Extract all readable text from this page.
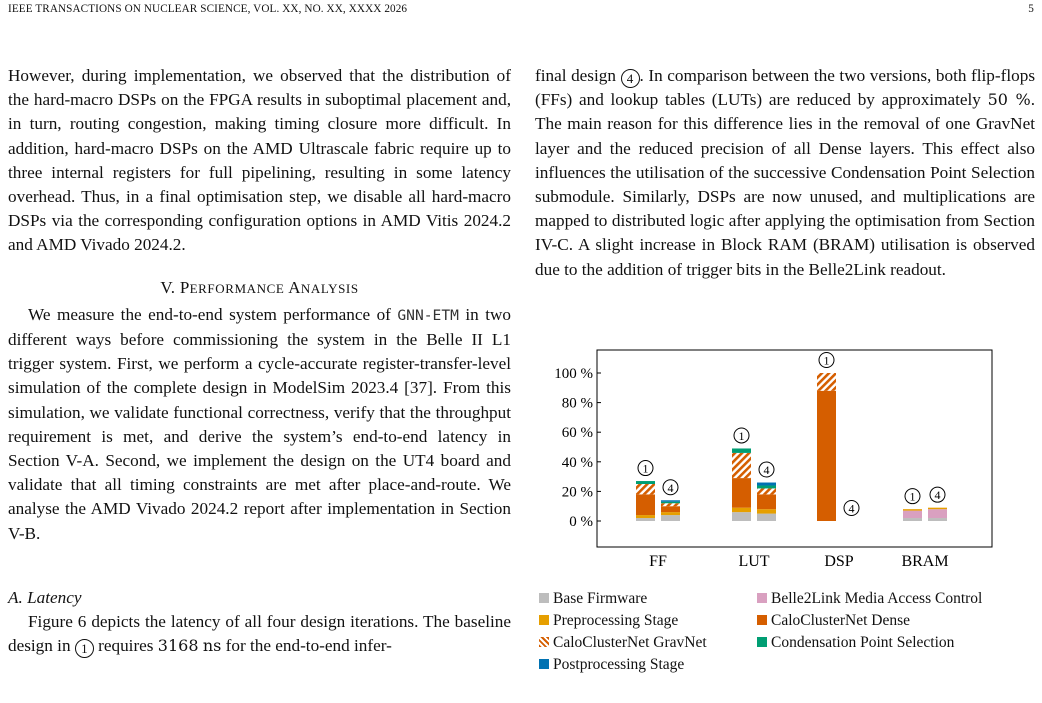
IEEE TRANSACTIONS ON NUCLEAR SCIENCE, VOL. XX, NO. XX, XXXX 2026	5

However, during implementation, we observed that the distribution of the hard-macro DSPs on the FPGA results in suboptimal placement and, in turn, routing congestion, making timing closure more difficult. In addition, hard-macro DSPs on the AMD Ultrascale fabric require up to three internal registers for full pipelining, resulting in some latency overhead. Thus, in a final optimisation step, we disable all hard-macro DSPs via the corresponding configuration options in AMD Vitis 2024.2 and AMD Vivado 2024.2.

V. PERFORMANCE ANALYSIS

We measure the end-to-end system performance of GNN-ETM in two different ways before commissioning the system in the Belle II L1 trigger system. First, we perform a cycle-accurate register-transfer-level simulation of the complete design in ModelSim 2023.4 [37]. From this simulation, we validate functional correctness, verify that the throughput requirement is met, and derive the system’s end-to-end latency in Section V-A. Second, we implement the design on the UT4 board and validate that all timing constraints are met after place-and-route. We analyse the AMD Vivado 2024.2 report after implementation in Section V-B.

A. Latency

Figure 6 depicts the latency of all four design iterations. The baseline design in 1 requires 3168 ns for the end-to-end infer-

final design 4 . In comparison between the two versions, both flip-flops (FFs) and lookup tables (LUTs) are reduced by approximately 50 %. The main reason for this difference lies in the removal of one GravNet layer and the reduced precision of all Dense layers. This effect also influences the utilisation of the successive Condensation Point Selection submodule. Similarly, DSPs are now unused, and multiplications are mapped to distributed logic after applying the optimisation from Section IV-C. A slight increase in Block RAM (BRAM) utilisation is observed due to the addition of trigger bits in the Belle2Link readout.

0 %
20 %
40 %
60 %
80 %
100 %
FF
1
4
LUT
1
4
DSP
1
4
BRAM
1 4
Base Firmware	Belle2Link Media Access Control
Preprocessing Stage	CaloClusterNet Dense
CaloClusterNet GravNet	Condensation Point Selection
Postprocessing Stage
